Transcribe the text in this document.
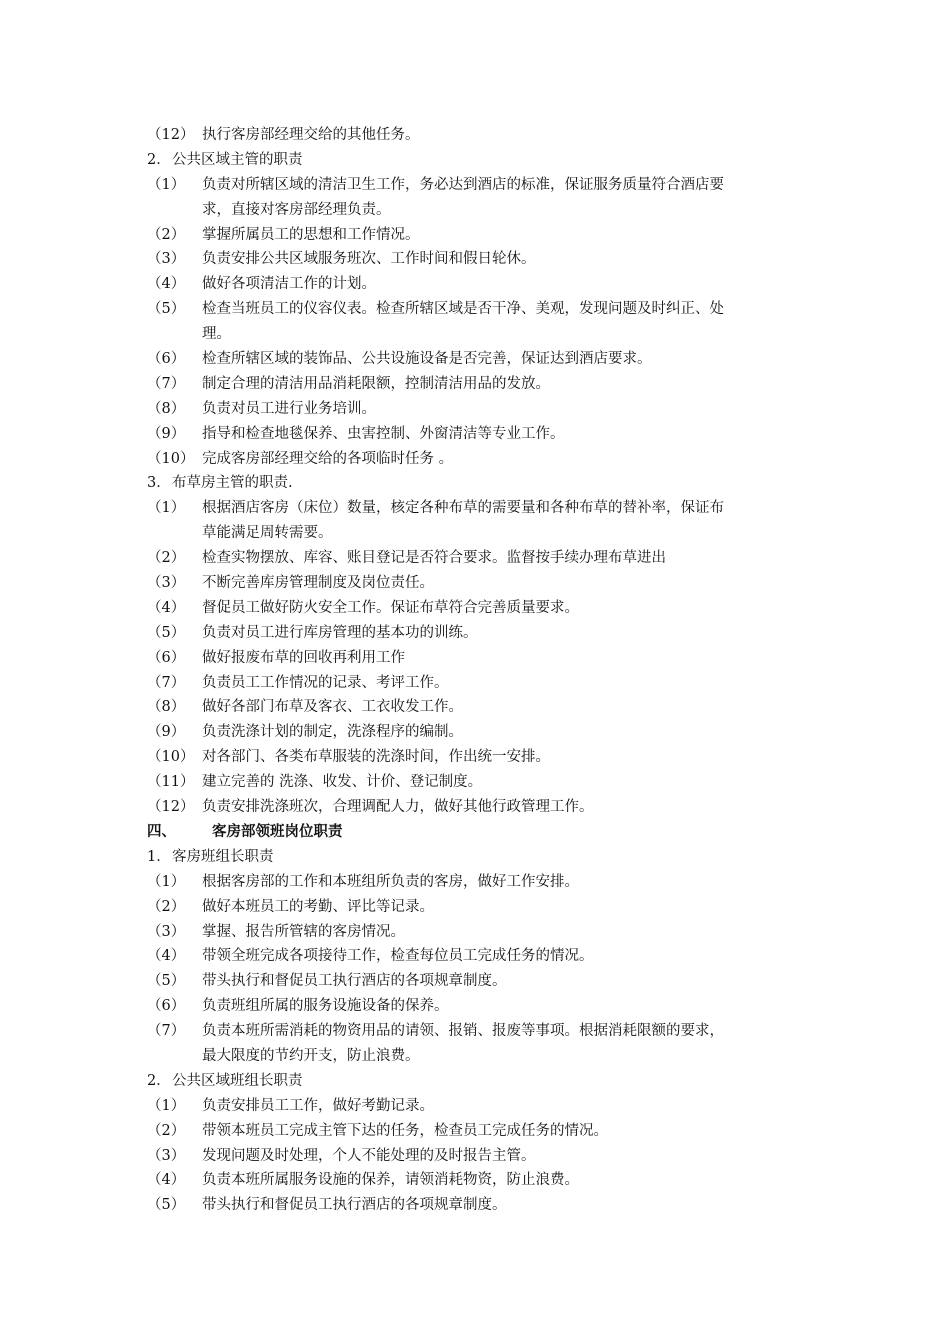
（12） 执行客房部经理交给的其他任务。
2． 公共区域主管的职责
（1） 负责对所辖区域的清洁卫生工作，务必达到酒店的标准，保证服务质量符合酒店要
求，直接对客房部经理负责。
（2） 掌握所属员工的思想和工作情况。
（3） 负责安排公共区域服务班次、工作时间和假日轮休。
（4） 做好各项清洁工作的计划。
（5） 检查当班员工的仪容仪表。检查所辖区域是否干净、美观，发现问题及时纠正、处
理。
（6） 检查所辖区域的装饰品、公共设施设备是否完善，保证达到酒店要求。
（7） 制定合理的清洁用品消耗限额，控制清洁用品的发放。
（8） 负责对员工进行业务培训。
（9） 指导和检查地毯保养、虫害控制、外窗清洁等专业工作。
（10） 完成客房部经理交给的各项临时任务 。
3． 布草房主管的职责.
（1） 根据酒店客房（床位）数量，核定各种布草的需要量和各种布草的替补率，保证布
草能满足周转需要。
（2） 检查实物摆放、库容、账目登记是否符合要求。监督按手续办理布草进出
（3） 不断完善库房管理制度及岗位责任。
（4） 督促员工做好防火安全工作。保证布草符合完善质量要求。
（5） 负责对员工进行库房管理的基本功的训练。
（6） 做好报废布草的回收再利用工作
（7） 负责员工工作情况的记录、考评工作。
（8） 做好各部门布草及客衣、工衣收发工作。
（9） 负责洗涤计划的制定，洗涤程序的编制。
（10） 对各部门、各类布草服装的洗涤时间，作出统一安排。
（11） 建立完善的 洗涤、收发、计价、登记制度。
（12） 负责安排洗涤班次，合理调配人力，做好其他行政管理工作。
四、 客房部领班岗位职责
1． 客房班组长职责
（1） 根据客房部的工作和本班组所负责的客房，做好工作安排。
（2） 做好本班员工的考勤、评比等记录。
（3） 掌握、报告所管辖的客房情况。
（4） 带领全班完成各项接待工作，检查每位员工完成任务的情况。
（5） 带头执行和督促员工执行酒店的各项规章制度。
（6） 负责班组所属的服务设施设备的保养。
（7） 负责本班所需消耗的物资用品的请领、报销、报废等事项。根据消耗限额的要求，
最大限度的节约开支，防止浪费。
2． 公共区域班组长职责
（1） 负责安排员工工作，做好考勤记录。
（2） 带领本班员工完成主管下达的任务，检查员工完成任务的情况。
（3） 发现问题及时处理，个人不能处理的及时报告主管。
（4） 负责本班所属服务设施的保养，请领消耗物资，防止浪费。
（5） 带头执行和督促员工执行酒店的各项规章制度。
